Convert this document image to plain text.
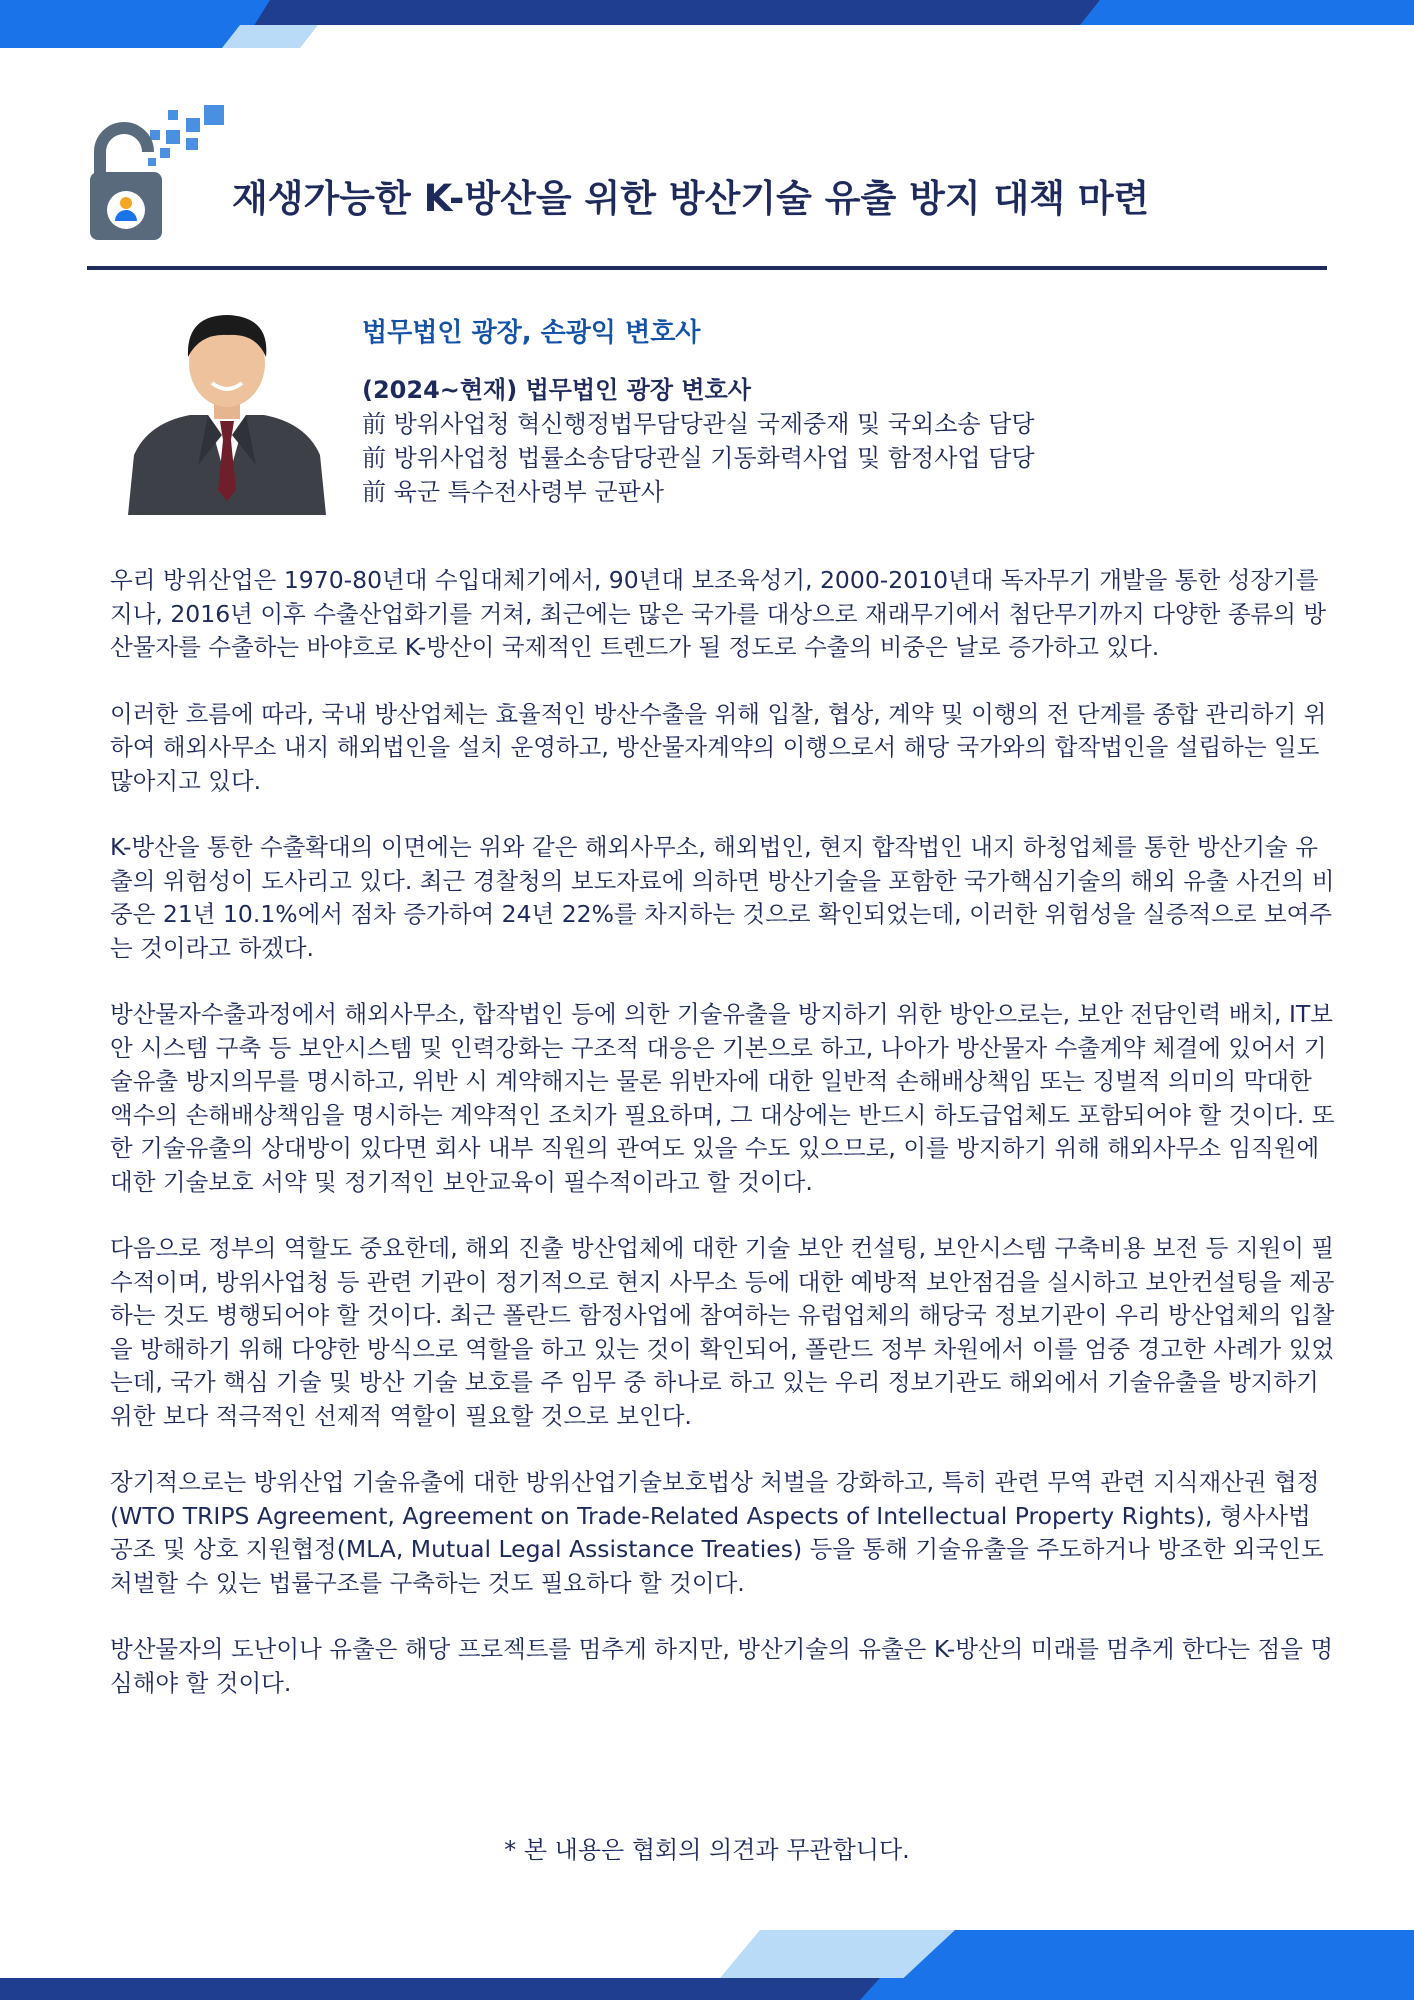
재생가능한 K-방산을 위한 방산기술 유출 방지 대책 마련
법무법인 광장, 손광익 변호사
(2024~현재) 법무법인 광장 변호사
前 방위사업청 혁신행정법무담당관실 국제중재 및 국외소송 담당
前 방위사업청 법률소송담당관실 기동화력사업 및 함정사업 담당
前 육군 특수전사령부 군판사

우리 방위산업은 1970-80년대 수입대체기에서, 90년대 보조육성기, 2000-2010년대 독자무기 개발을 통한 성장기를 지나, 2016년 이후 수출산업화기를 거쳐, 최근에는 많은 국가를 대상으로 재래무기에서 첨단무기까지 다양한 종류의 방산물자를 수출하는 바야흐로 K-방산이 국제적인 트렌드가 될 정도로 수출의 비중은 날로 증가하고 있다.

이러한 흐름에 따라, 국내 방산업체는 효율적인 방산수출을 위해 입찰, 협상, 계약 및 이행의 전 단계를 종합 관리하기 위하여 해외사무소 내지 해외법인을 설치 운영하고, 방산물자계약의 이행으로서 해당 국가와의 합작법인을 설립하는 일도 많아지고 있다.

K-방산을 통한 수출확대의 이면에는 위와 같은 해외사무소, 해외법인, 현지 합작법인 내지 하청업체를 통한 방산기술 유출의 위험성이 도사리고 있다. 최근 경찰청의 보도자료에 의하면 방산기술을 포함한 국가핵심기술의 해외 유출 사건의 비중은 21년 10.1%에서 점차 증가하여 24년 22%를 차지하는 것으로 확인되었는데, 이러한 위험성을 실증적으로 보여주는 것이라고 하겠다.

방산물자수출과정에서 해외사무소, 합작법인 등에 의한 기술유출을 방지하기 위한 방안으로는, 보안 전담인력 배치, IT보안 시스템 구축 등 보안시스템 및 인력강화는 구조적 대응은 기본으로 하고, 나아가 방산물자 수출계약 체결에 있어서 기술유출 방지의무를 명시하고, 위반 시 계약해지는 물론 위반자에 대한 일반적 손해배상책임 또는 징벌적 의미의 막대한 액수의 손해배상책임을 명시하는 계약적인 조치가 필요하며, 그 대상에는 반드시 하도급업체도 포함되어야 할 것이다. 또한 기술유출의 상대방이 있다면 회사 내부 직원의 관여도 있을 수도 있으므로, 이를 방지하기 위해 해외사무소 임직원에 대한 기술보호 서약 및 정기적인 보안교육이 필수적이라고 할 것이다.

다음으로 정부의 역할도 중요한데, 해외 진출 방산업체에 대한 기술 보안 컨설팅, 보안시스템 구축비용 보전 등 지원이 필수적이며, 방위사업청 등 관련 기관이 정기적으로 현지 사무소 등에 대한 예방적 보안점검을 실시하고 보안컨설팅을 제공하는 것도 병행되어야 할 것이다. 최근 폴란드 함정사업에 참여하는 유럽업체의 해당국 정보기관이 우리 방산업체의 입찰을 방해하기 위해 다양한 방식으로 역할을 하고 있는 것이 확인되어, 폴란드 정부 차원에서 이를 엄중 경고한 사례가 있었는데, 국가 핵심 기술 및 방산 기술 보호를 주 임무 중 하나로 하고 있는 우리 정보기관도 해외에서 기술유출을 방지하기 위한 보다 적극적인 선제적 역할이 필요할 것으로 보인다.

장기적으로는 방위산업 기술유출에 대한 방위산업기술보호법상 처벌을 강화하고, 특히 관련 무역 관련 지식재산권 협정(WTO TRIPS Agreement, Agreement on Trade-Related Aspects of Intellectual Property Rights), 형사사법 공조 및 상호 지원협정(MLA, Mutual Legal Assistance Treaties) 등을 통해 기술유출을 주도하거나 방조한 외국인도 처벌할 수 있는 법률구조를 구축하는 것도 필요하다 할 것이다.

방산물자의 도난이나 유출은 해당 프로젝트를 멈추게 하지만, 방산기술의 유출은 K-방산의 미래를 멈추게 한다는 점을 명심해야 할 것이다.

* 본 내용은 협회의 의견과 무관합니다.
